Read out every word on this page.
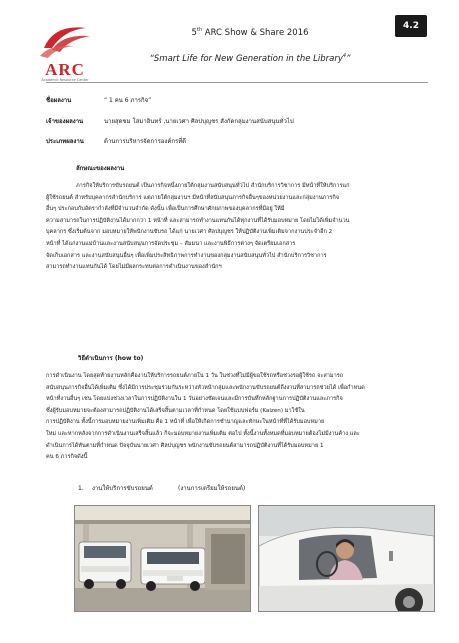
ARC
Academic Resource Center
5th ARC Show & Share 2016
“Smart Life for New Generation in the Library$^4$”
4.2
ชื่อผลงาน	“ 1 คน 6 ภารกิจ”
เจ้าของผลงาน	นายสุดชม โสมาอินทร์ ,นายเวศา ศิลปบุญชร สังกัดกลุ่มงานสนับสนุนทั่วไป
ประเภทผลงาน	ด้านการบริหารจัดการองค์กรที่ดี
ลักษณะของผลงาน
ภารกิจให้บริการขับรถยนต์ เป็นภารกิจหนึ่งภายใต้กลุ่มงานสนับสนุนทั่วไป สำนักบริการวิชาการ มีหน้าที่ให้บริการแก่
ผู้ใช้รถยนต์ สำหรับบุคลากรสำนักบริการ แต่ภายใต้กลุ่มงานฯ มีหน้าที่สนับสนุนภารกิจอื่นๆของหน่วยงานและกลุ่มงานภารกิจ
อื่นๆ ประกอบกับอัตรากำลังที่มีจำนวนจำกัด ดังนั้น เพื่อเป็นการศึกษาศักยภาพของบุคลากรที่มีอยู่ ให้มี
ความสามารถในการปฏิบัติงานได้มากกว่า 1 หน้าที่ และสามารถทำงานแทนกันได้ทุกงานที่ได้รับมอบหมาย โดยไม่ได้เพิ่มจำนวน
บุคลากร ซึ่งเริ่มต้นจาก มอบหมายให้พนักงานขับรถ ได้แก่ นายเวศา ศิลปบุญชร ให้ปฏิบัติงานเพิ่มเติมจากงานประจำอีก 2
หน้าที่ ได้แก่งานแม่บ้านและงานสนับสนุนการจัดประชุม – สัมมนา และงานพิธีการต่างๆ จัดเตรียมเอกสาร
จัดเก็บเอกสาร และงานสนับสนุนอื่นๆ เพื่อเพิ่มประสิทธิภาพการทำงานของกลุ่มงานสนับสนุนทั่วไป สำนักบริการวิชาการ
สามารถทำงานแทนกันได้ โดยไม่มีผลกระทบต่อการดำเนินงานของสำนักฯ
วิธีดำเนินการ (how to)
การดำเนินงาน โดยสุดท้ายงานหลักคืองานให้บริการรถยนต์ภายใน 1 วัน ในช่วงที่ไม่มีผู้ขอใช้รถหรือช่วงรอผู้ใช้รถ จะสามารถ
สนับสนุนภารกิจอื่นได้เพิ่มเติม ซึ่งได้มีการประชุมร่วมกันระหว่างหัวหน้ากลุ่มและพนักงานขับรถยนต์ถึงงานที่สามารถช่วยได้ เพื่อกำหนด
หน้าที่งานอื่นๆ เช่น โดยแบ่งช่วงเวลาในการปฏิบัติงานใน 1 วันอย่างชัดเจนและมีการบันทึกหลักฐานการปฏิบัติงานและภารกิจ
ซึ่งผู้รับมอบหมายจะต้องสามารถปฏิบัติงานได้เสร็จสิ้นตามเวลาที่กำหนด โดยใช้แบบฟอร์ม (Kaizen) มาใช้ใน
การปฏิบัติงาน ทั้งนี้การมอบหมายงานเพิ่มเติม คือ 1 หน้าที่ เพื่อให้เกิดการชำนาญและทักษะในหน้าที่ที่ได้รับมอบหมาย
ใหม่ และหากหลังจากการดำเนินงานเสร็จสิ้นแล้ว ก็จะมอบหมายงานเพิ่มเติม ต่อไป ทั้งนี้งานทั้งหมดที่มอบหมายต้องไม่มีงานค้าง และ
ดำเนินการได้ทันตามที่กำหนด ปัจจุบันนายเวศา ศิลปบุญชร พนักงานขับรถยนต์สามารถปฏิบัติงานที่ได้รับมอบหมาย 1
คน 6 ภารกิจดังนี้
1. งานให้บริการขับรถยนต์	(งานการเตรียมให้รถยนต์)
